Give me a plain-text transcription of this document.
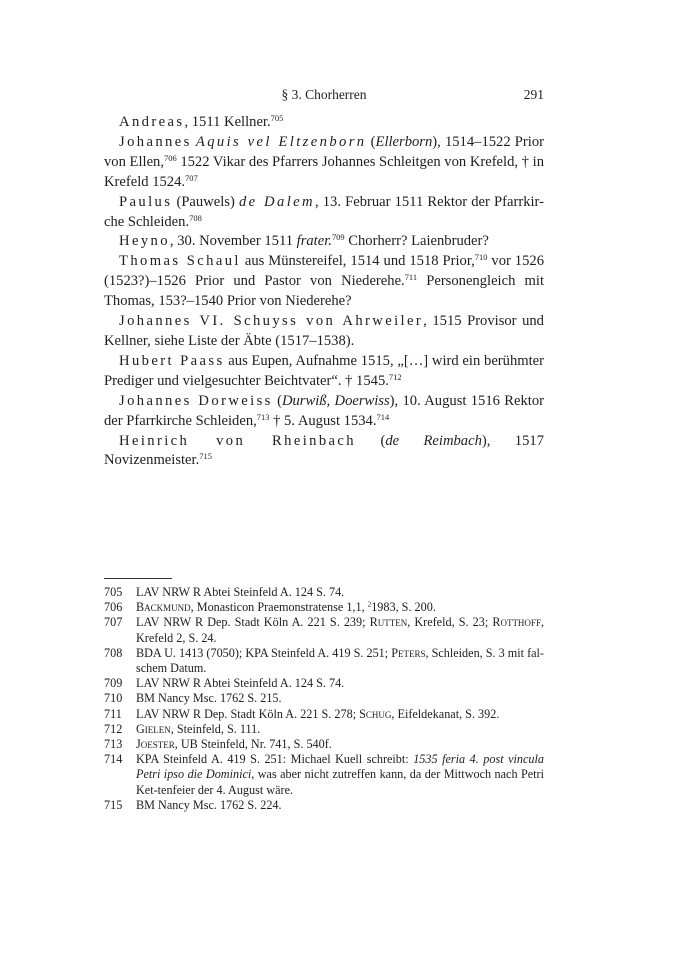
§ 3. Chorherren	291

Andreas, 1511 Kellner.$^{705}$

Johannes Aquis vel Eltzenborn (Ellerborn), 1514–1522 Prior von Ellen,$^{706}$ 1522 Vikar des Pfarrers Johannes Schleitgen von Krefeld, † in Krefeld 1524.$^{707}$

Paulus (Pauwels) de Dalem, 13. Februar 1511 Rektor der Pfarrkir-che Schleiden.$^{708}$

Heyno, 30. November 1511 frater.$^{709}$ Chorherr? Laienbruder?

Thomas Schaul aus Münstereifel, 1514 und 1518 Prior,$^{710}$ vor 1526 (1523?)–1526 Prior und Pastor von Niederehe.$^{711}$ Personengleich mit Thomas, 153?–1540 Prior von Niederehe?

Johannes VI. Schuyss von Ahrweiler, 1515 Provisor und Kellner, siehe Liste der Äbte (1517–1538).

Hubert Paass aus Eupen, Aufnahme 1515, „[…] wird ein berühmter Prediger und vielgesuchter Beichtvater“. † 1545.$^{712}$

Johannes Dorweiss (Durwiß, Doerwiss), 10. August 1516 Rektor der Pfarrkirche Schleiden,$^{713}$ † 5. August 1534.$^{714}$

Heinrich von Rheinbach (de Reimbach), 1517 Novizenmeister.$^{715}$

705 LAV NRW R Abtei Steinfeld A. 124 S. 74.

706 Backmund, Monasticon Praemonstratense 1,1, $^2$1983, S. 200.

707 LAV NRW R Dep. Stadt Köln A. 221 S. 239; Rutten, Krefeld, S. 23; Rotthoff, Krefeld 2, S. 24.

708 BDA U. 1413 (7050); KPA Steinfeld A. 419 S. 251; Peters, Schleiden, S. 3 mit fal-schem Datum.

709 LAV NRW R Abtei Steinfeld A. 124 S. 74.

710 BM Nancy Msc. 1762 S. 215.

711 LAV NRW R Dep. Stadt Köln A. 221 S. 278; Schug, Eifeldekanat, S. 392.

712 Gielen, Steinfeld, S. 111.

713 Joester, UB Steinfeld, Nr. 741, S. 540f.

714 KPA Steinfeld A. 419 S. 251: Michael Kuell schreibt: 1535 feria 4. post vincula Petri ipso die Dominici, was aber nicht zutreffen kann, da der Mittwoch nach Petri Ket-tenfeier der 4. August wäre.

715 BM Nancy Msc. 1762 S. 224.
